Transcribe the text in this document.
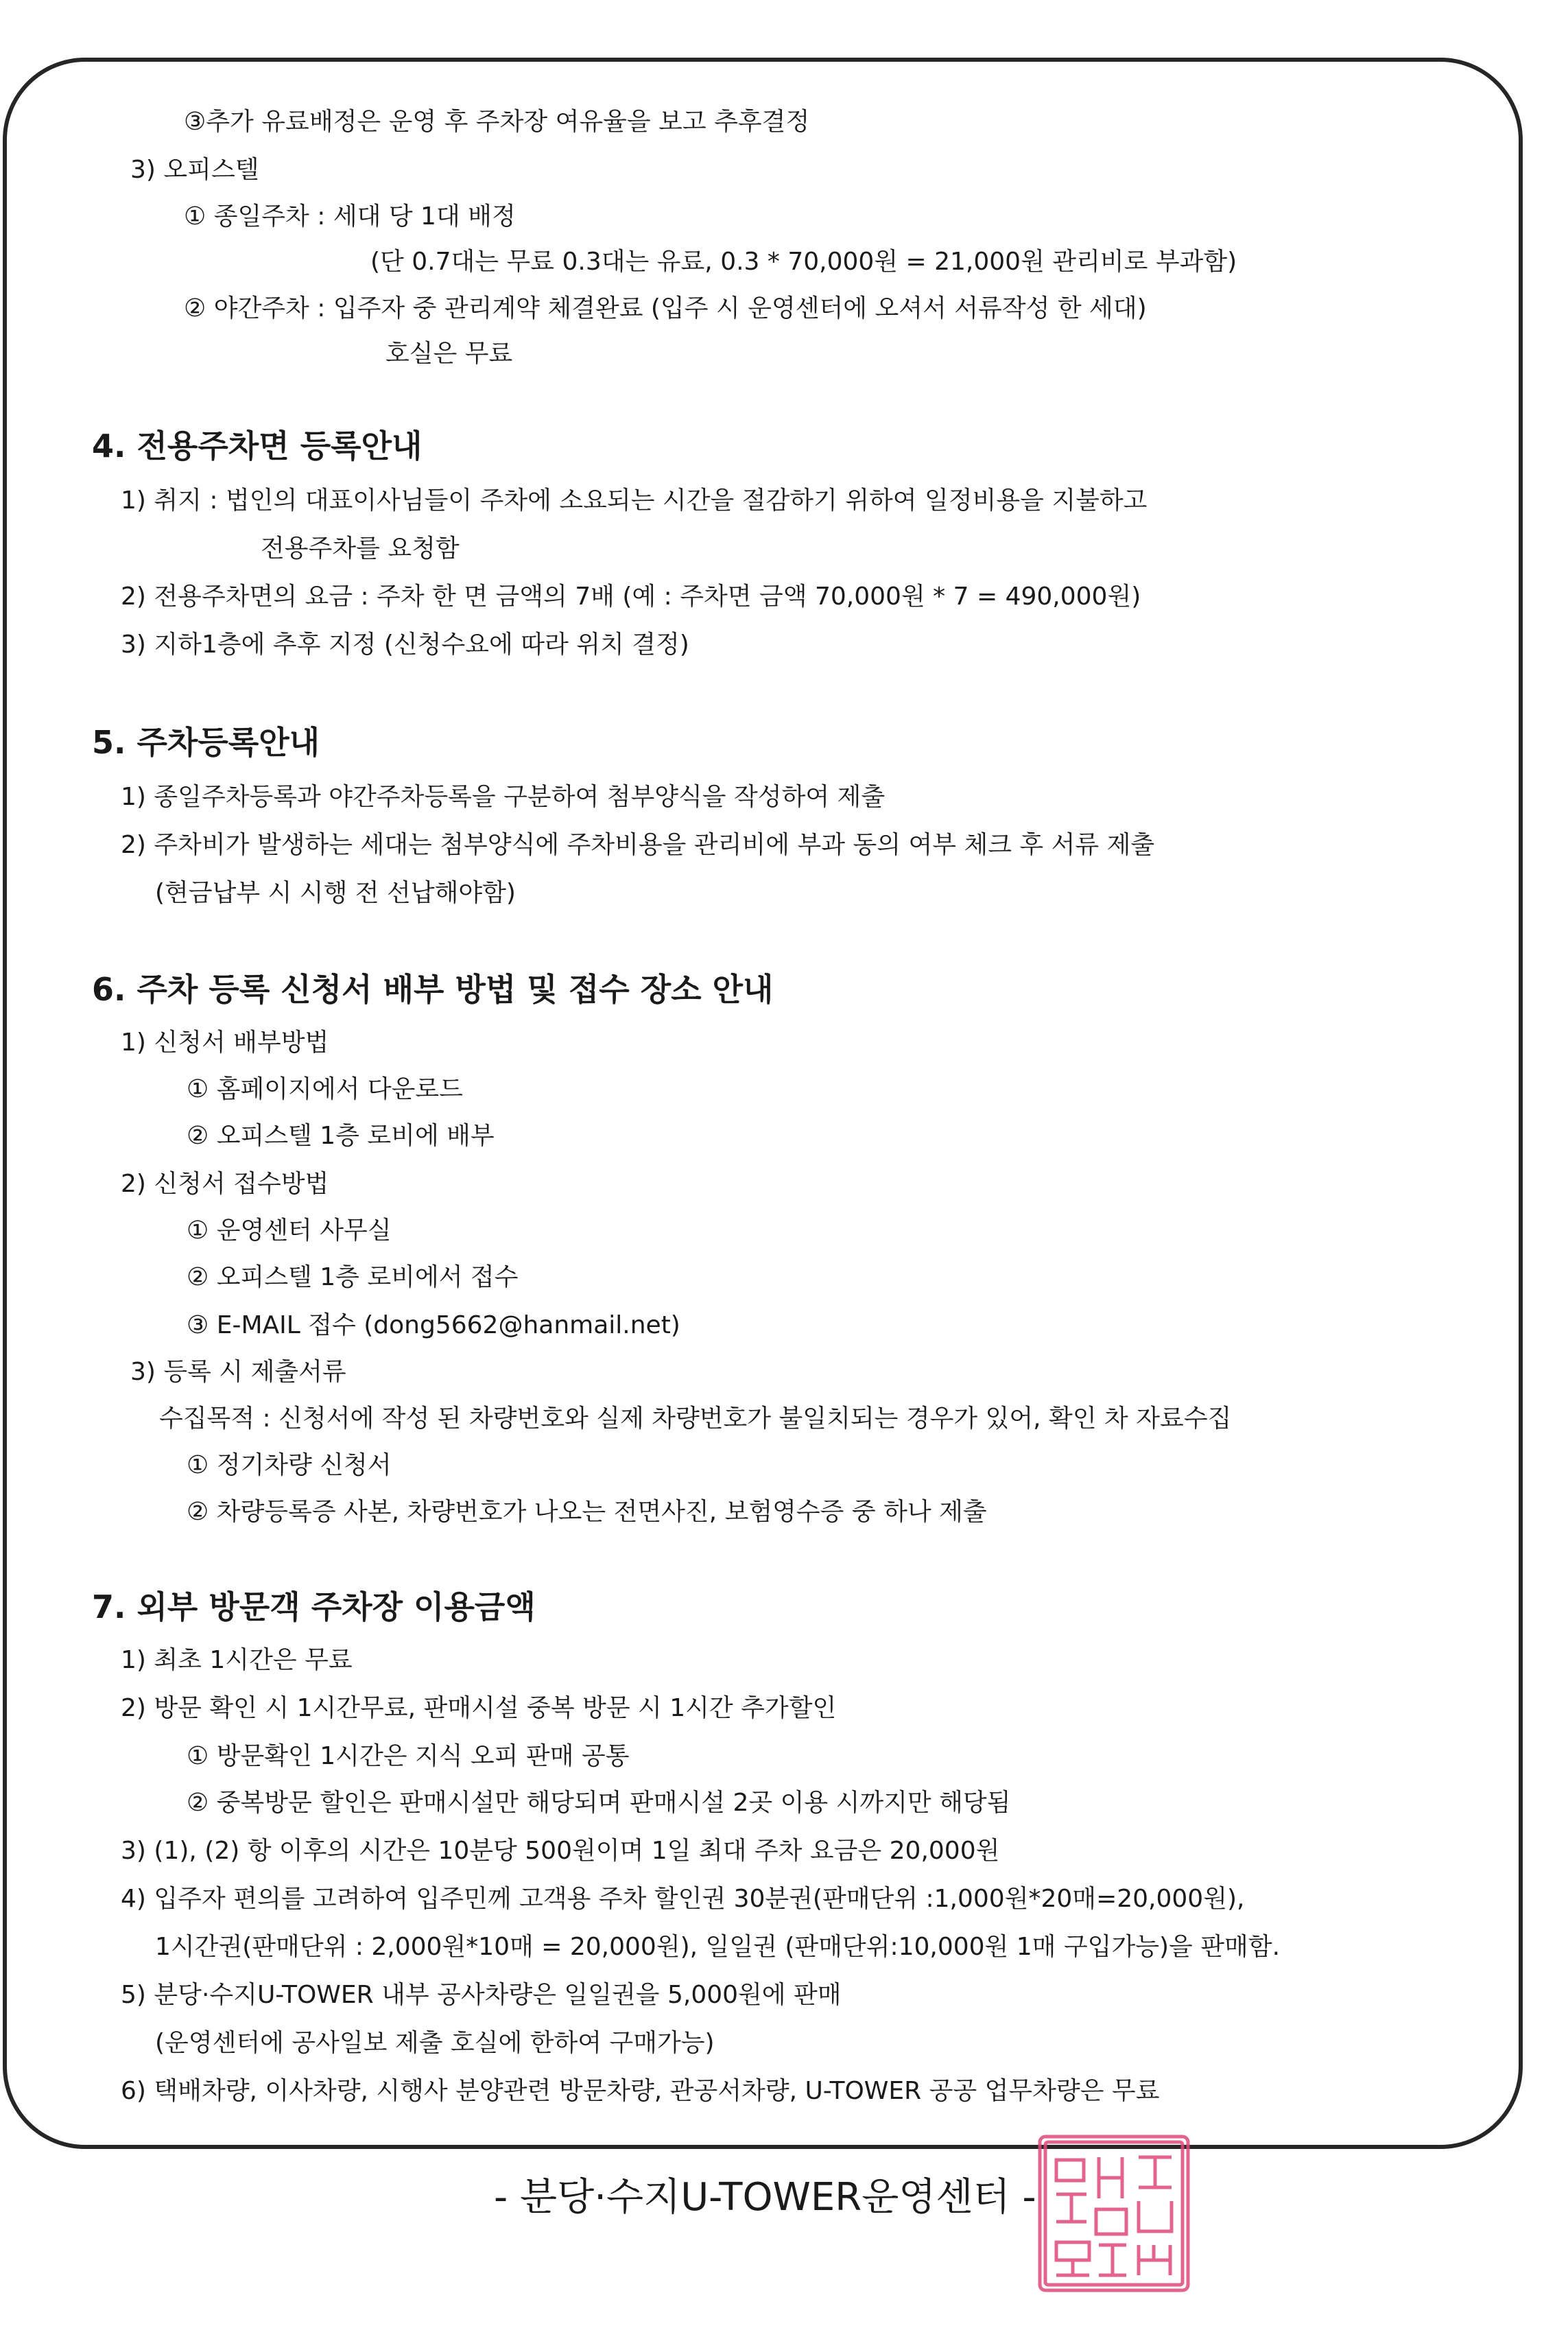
③추가 유료배정은 운영 후 주차장 여유율을 보고 추후결정
3) 오피스텔
① 종일주차 : 세대 당 1대 배정
(단 0.7대는 무료 0.3대는 유료, 0.3 * 70,000원 = 21,000원 관리비로 부과함)
② 야간주차 : 입주자 중 관리계약 체결완료 (입주 시 운영센터에 오셔서 서류작성 한 세대)
호실은 무료
4. 전용주차면 등록안내
1) 취지 : 법인의 대표이사님들이 주차에 소요되는 시간을 절감하기 위하여 일정비용을 지불하고
전용주차를 요청함
2) 전용주차면의 요금 : 주차 한 면 금액의 7배 (예 : 주차면 금액 70,000원 * 7 = 490,000원)
3) 지하1층에 추후 지정 (신청수요에 따라 위치 결정)
5. 주차등록안내
1) 종일주차등록과 야간주차등록을 구분하여 첨부양식을 작성하여 제출
2) 주차비가 발생하는 세대는 첨부양식에 주차비용을 관리비에 부과 동의 여부 체크 후 서류 제출
(현금납부 시 시행 전 선납해야함)
6. 주차 등록 신청서 배부 방법 및 접수 장소 안내
1) 신청서 배부방법
① 홈페이지에서 다운로드
② 오피스텔 1층 로비에 배부
2) 신청서 접수방법
① 운영센터 사무실
② 오피스텔 1층 로비에서 접수
③ E-MAIL 접수 (dong5662@hanmail.net)
3) 등록 시 제출서류
수집목적 : 신청서에 작성 된 차량번호와 실제 차량번호가 불일치되는 경우가 있어, 확인 차 자료수집
① 정기차량 신청서
② 차량등록증 사본, 차량번호가 나오는 전면사진, 보험영수증 중 하나 제출
7. 외부 방문객 주차장 이용금액
1) 최초 1시간은 무료
2) 방문 확인 시 1시간무료, 판매시설 중복 방문 시 1시간 추가할인
① 방문확인 1시간은 지식 오피 판매 공통
② 중복방문 할인은 판매시설만 해당되며 판매시설 2곳 이용 시까지만 해당됨
3) (1), (2) 항 이후의 시간은 10분당 500원이며 1일 최대 주차 요금은 20,000원
4) 입주자 편의를 고려하여 입주민께 고객용 주차 할인권 30분권(판매단위 :1,000원*20매=20,000원),
1시간권(판매단위 : 2,000원*10매 = 20,000원), 일일권 (판매단위:10,000원 1매 구입가능)을 판매함.
5) 분당·수지U-TOWER 내부 공사차량은 일일권을 5,000원에 판매
(운영센터에 공사일보 제출 호실에 한하여 구매가능)
6) 택배차량, 이사차량, 시행사 분양관련 방문차량, 관공서차량, U-TOWER 공공 업무차량은 무료
- 분당·수지U-TOWER운영센터 -
